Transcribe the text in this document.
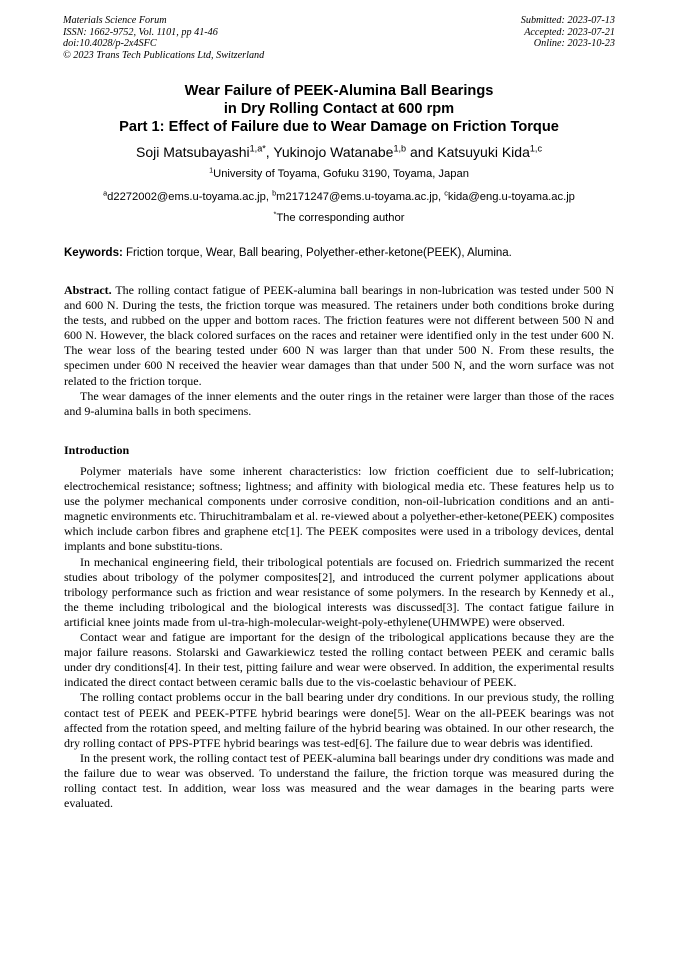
Materials Science Forum
ISSN: 1662-9752, Vol. 1101, pp 41-46
doi:10.4028/p-2x4SFC
© 2023 Trans Tech Publications Ltd, Switzerland
Submitted: 2023-07-13
Accepted: 2023-07-21
Online: 2023-10-23
Wear Failure of PEEK-Alumina Ball Bearings
in Dry Rolling Contact at 600 rpm
Part 1: Effect of Failure due to Wear Damage on Friction Torque
Soji Matsubayashi$^{1,a*}$, Yukinojo Watanabe$^{1,b}$ and Katsuyuki Kida$^{1,c}$
$^1$University of Toyama, Gofuku 3190, Toyama, Japan
$^a$d2272002@ems.u-toyama.ac.jp, $^b$m2171247@ems.u-toyama.ac.jp, $^c$kida@eng.u-toyama.ac.jp
*The corresponding author
Keywords: Friction torque, Wear, Ball bearing, Polyether-ether-ketone(PEEK), Alumina.

Abstract. The rolling contact fatigue of PEEK-alumina ball bearings in non-lubrication was tested under 500 N and 600 N. During the tests, the friction torque was measured. The retainers under both conditions broke during the tests, and rubbed on the upper and bottom races. The friction features were not different between 500 N and 600 N. However, the black colored surfaces on the races and retainer were identified only in the test under 600 N. The wear loss of the bearing tested under 600 N was larger than that under 500 N. From these results, the specimen under 600 N received the heavier wear damages than that under 500 N, and the worn surface was not related to the friction torque.

The wear damages of the inner elements and the outer rings in the retainer were larger than those of the races and 9-alumina balls in both specimens.

Introduction

Polymer materials have some inherent characteristics: low friction coefficient due to self-lubrication; electrochemical resistance; softness; lightness; and affinity with biological media etc. These features help us to use the polymer mechanical components under corrosive condition, non-oil-lubrication conditions and an anti-magnetic environments etc. Thiruchitrambalam et al. re-viewed about a polyether-ether-ketone(PEEK) composites which include carbon fibres and graphene etc[1]. The PEEK composites were used in a tribology devices, dental implants and bone substitu-tions.

In mechanical engineering field, their tribological potentials are focused on. Friedrich summarized the recent studies about tribology of the polymer composites[2], and introduced the current polymer applications about tribology performance such as friction and wear resistance of some polymers. In the research by Kennedy et al., the theme including tribological and the biological interests was discussed[3]. The contact fatigue failure in artificial knee joints made from ul-tra-high-molecular-weight-poly-ethylene(UHMWPE) were observed.

Contact wear and fatigue are important for the design of the tribological applications because they are the major failure reasons. Stolarski and Gawarkiewicz tested the rolling contact between PEEK and ceramic balls under dry conditions[4]. In their test, pitting failure and wear were observed. In addition, the experimental results indicated the direct contact between ceramic balls due to the vis-coelastic behaviour of PEEK.

The rolling contact problems occur in the ball bearing under dry conditions. In our previous study, the rolling contact test of PEEK and PEEK-PTFE hybrid bearings were done[5]. Wear on the all-PEEK bearings was not affected from the rotation speed, and melting failure of the hybrid bearing was obtained. In our other research, the dry rolling contact of PPS-PTFE hybrid bearings was test-ed[6]. The failure due to wear debris was identified.

In the present work, the rolling contact test of PEEK-alumina ball bearings under dry conditions was made and the failure due to wear was observed. To understand the failure, the friction torque was measured during the rolling contact test. In addition, wear loss was measured and the wear damages in the bearing parts were evaluated.
